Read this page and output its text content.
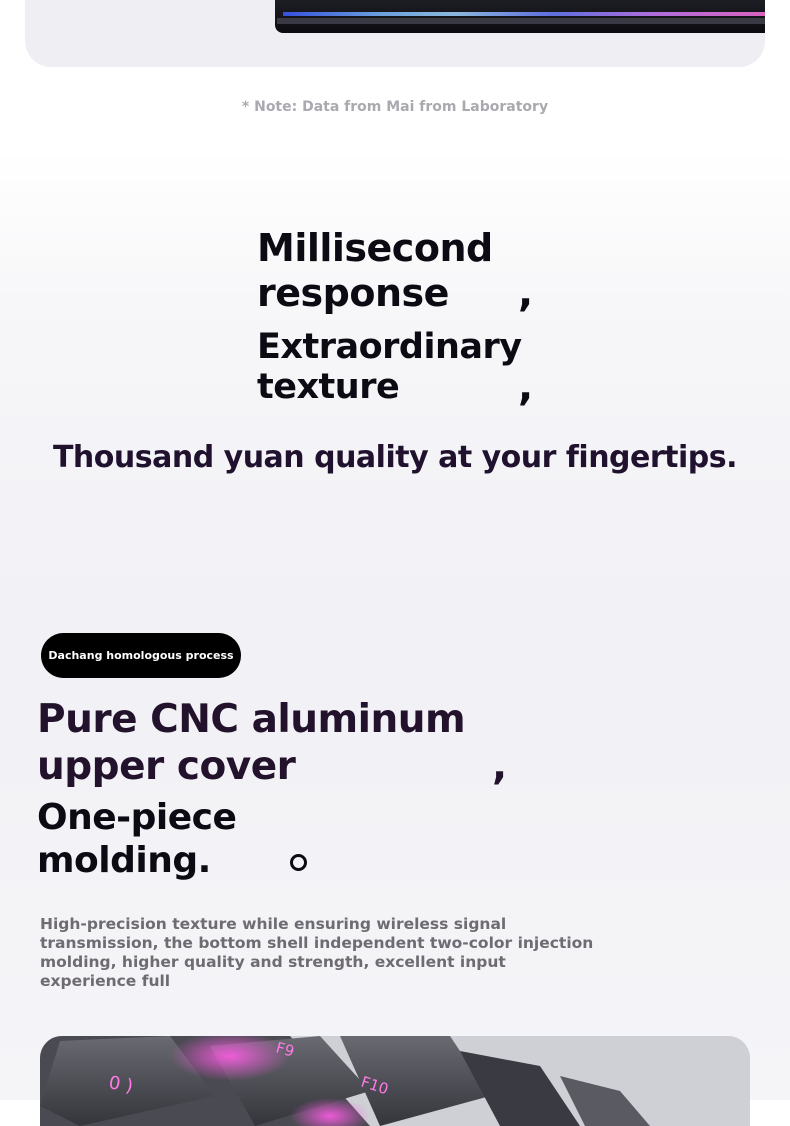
* Note: Data from Mai from Laboratory
Millisecond response	,
Extraordinary texture	,
Thousand yuan quality at your fingertips.
Dachang homologous process
Pure CNC aluminum upper cover	,
One-piece molding.
High-precision texture while ensuring wireless signal transmission, the bottom shell independent two-color injection molding, higher quality and strength, excellent input experience full
F9
0 )	F10
